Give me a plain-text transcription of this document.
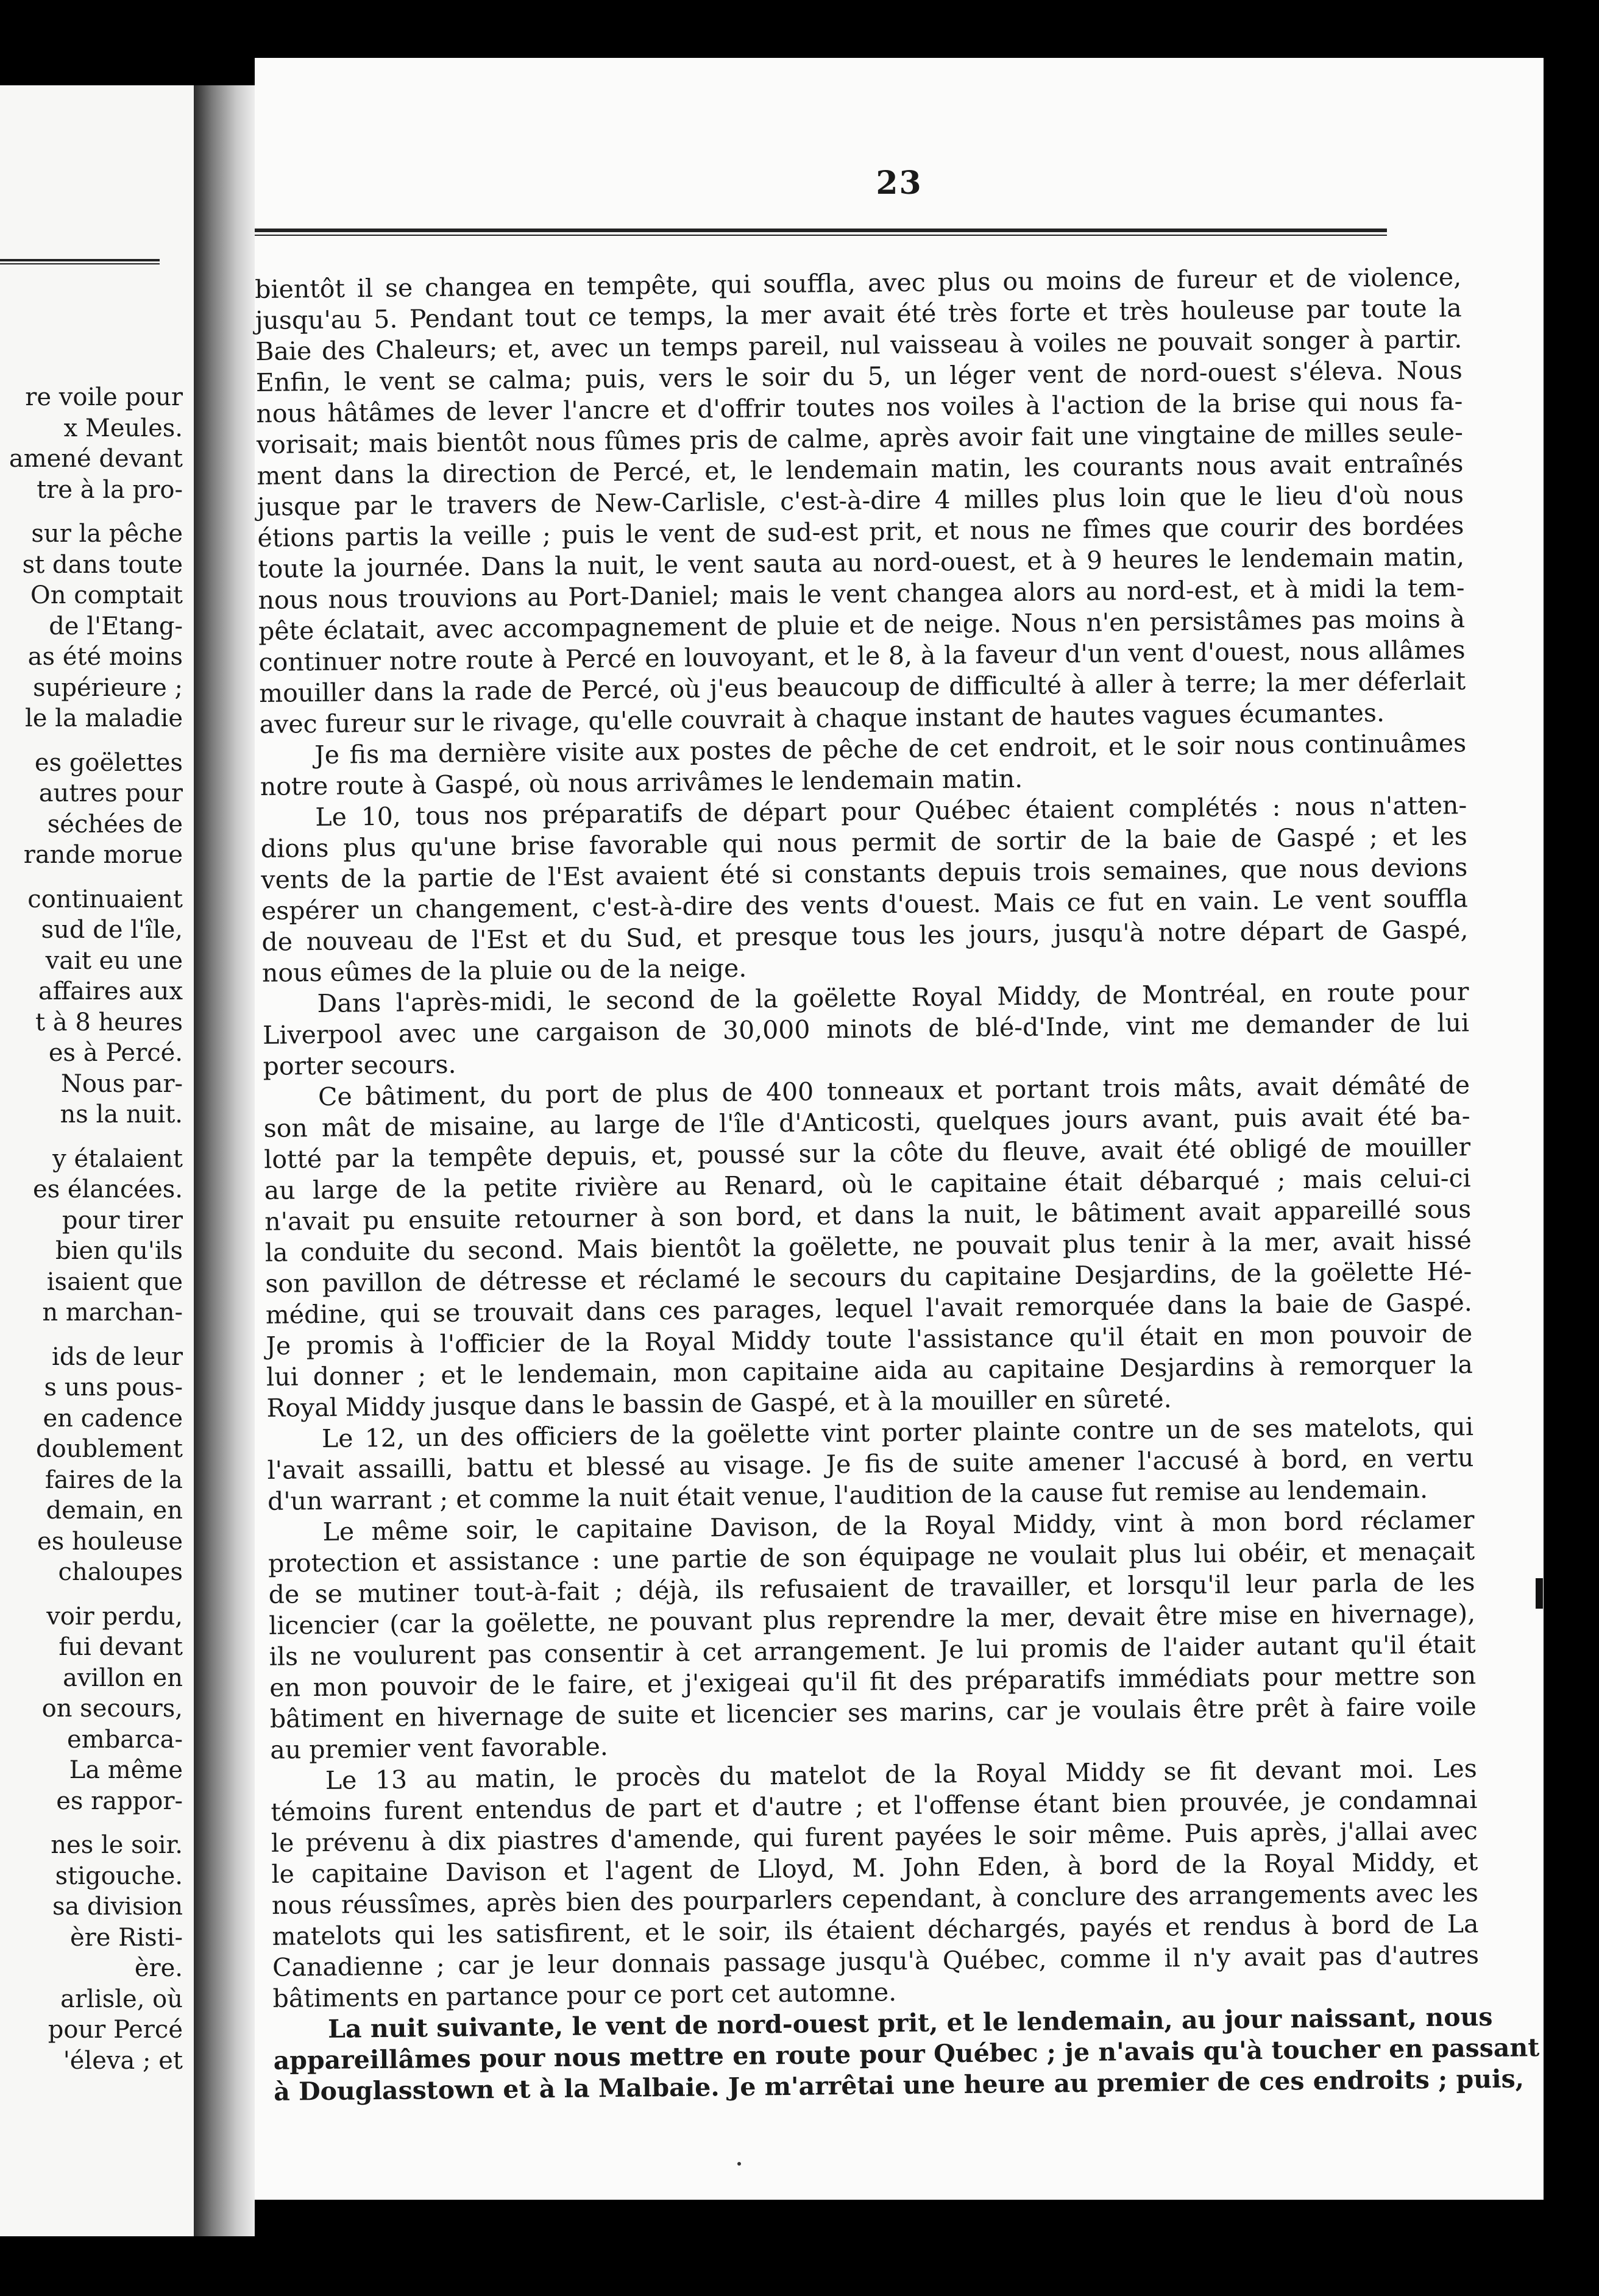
re voile pour
x Meules.
amené devant
tre à la pro-
sur la pêche
st dans toute
On comptait
de l'Etang-
as été moins
supérieure ;
le la maladie
es goëlettes
autres pour
séchées de
rande morue
continuaient
sud de l'île,
vait eu une
affaires aux
t à 8 heures
es à Percé.
Nous par-
ns la nuit.
y étalaient
es élancées.
pour tirer
bien qu'ils
isaient que
n marchan-
ids de leur
s uns pous-
en cadence
doublement
faires de la
demain, en
es houleuse
chaloupes
voir perdu,
fui devant
avillon en
on secours,
embarca-
La même
es rappor-
nes le soir.
stigouche.
sa division
ère Risti-
ère.
arlisle, où
pour Percé
'éleva ; et
23
bientôt il se changea en tempête, qui souffla, avec plus ou moins de fureur et de violence,
jusqu'au 5. Pendant tout ce temps, la mer avait été très forte et très houleuse par toute la
Baie des Chaleurs; et, avec un temps pareil, nul vaisseau à voiles ne pouvait songer à partir.
Enfin, le vent se calma; puis, vers le soir du 5, un léger vent de nord-ouest s'éleva. Nous
nous hâtâmes de lever l'ancre et d'offrir toutes nos voiles à l'action de la brise qui nous fa-
vorisait; mais bientôt nous fûmes pris de calme, après avoir fait une vingtaine de milles seule-
ment dans la direction de Percé, et, le lendemain matin, les courants nous avait entraînés
jusque par le travers de New-Carlisle, c'est-à-dire 4 milles plus loin que le lieu d'où nous
étions partis la veille ; puis le vent de sud-est prit, et nous ne fîmes que courir des bordées
toute la journée. Dans la nuit, le vent sauta au nord-ouest, et à 9 heures le lendemain matin,
nous nous trouvions au Port-Daniel; mais le vent changea alors au nord-est, et à midi la tem-
pête éclatait, avec accompagnement de pluie et de neige. Nous n'en persistâmes pas moins à
continuer notre route à Percé en louvoyant, et le 8, à la faveur d'un vent d'ouest, nous allâmes
mouiller dans la rade de Percé, où j'eus beaucoup de difficulté à aller à terre; la mer déferlait
avec fureur sur le rivage, qu'elle couvrait à chaque instant de hautes vagues écumantes.
Je fis ma dernière visite aux postes de pêche de cet endroit, et le soir nous continuâmes
notre route à Gaspé, où nous arrivâmes le lendemain matin.
Le 10, tous nos préparatifs de départ pour Québec étaient complétés : nous n'atten-
dions plus qu'une brise favorable qui nous permit de sortir de la baie de Gaspé ; et les
vents de la partie de l'Est avaient été si constants depuis trois semaines, que nous devions
espérer un changement, c'est-à-dire des vents d'ouest. Mais ce fut en vain. Le vent souffla
de nouveau de l'Est et du Sud, et presque tous les jours, jusqu'à notre départ de Gaspé,
nous eûmes de la pluie ou de la neige.
Dans l'après-midi, le second de la goëlette Royal Middy, de Montréal, en route pour
Liverpool avec une cargaison de 30,000 minots de blé-d'Inde, vint me demander de lui
porter secours.
Ce bâtiment, du port de plus de 400 tonneaux et portant trois mâts, avait démâté de
son mât de misaine, au large de l'île d'Anticosti, quelques jours avant, puis avait été ba-
lotté par la tempête depuis, et, poussé sur la côte du fleuve, avait été obligé de mouiller
au large de la petite rivière au Renard, où le capitaine était débarqué ; mais celui-ci
n'avait pu ensuite retourner à son bord, et dans la nuit, le bâtiment avait appareillé sous
la conduite du second. Mais bientôt la goëlette, ne pouvait plus tenir à la mer, avait hissé
son pavillon de détresse et réclamé le secours du capitaine Desjardins, de la goëlette Hé-
médine, qui se trouvait dans ces parages, lequel l'avait remorquée dans la baie de Gaspé.
Je promis à l'officier de la Royal Middy toute l'assistance qu'il était en mon pouvoir de
lui donner ; et le lendemain, mon capitaine aida au capitaine Desjardins à remorquer la
Royal Middy jusque dans le bassin de Gaspé, et à la mouiller en sûreté.
Le 12, un des officiers de la goëlette vint porter plainte contre un de ses matelots, qui
l'avait assailli, battu et blessé au visage. Je fis de suite amener l'accusé à bord, en vertu
d'un warrant ; et comme la nuit était venue, l'audition de la cause fut remise au lendemain.
Le même soir, le capitaine Davison, de la Royal Middy, vint à mon bord réclamer
protection et assistance : une partie de son équipage ne voulait plus lui obéir, et menaçait
de se mutiner tout-à-fait ; déjà, ils refusaient de travailler, et lorsqu'il leur parla de les
licencier (car la goëlette, ne pouvant plus reprendre la mer, devait être mise en hivernage),
ils ne voulurent pas consentir à cet arrangement. Je lui promis de l'aider autant qu'il était
en mon pouvoir de le faire, et j'exigeai qu'il fit des préparatifs immédiats pour mettre son
bâtiment en hivernage de suite et licencier ses marins, car je voulais être prêt à faire voile
au premier vent favorable.
Le 13 au matin, le procès du matelot de la Royal Middy se fit devant moi. Les
témoins furent entendus de part et d'autre ; et l'offense étant bien prouvée, je condamnai
le prévenu à dix piastres d'amende, qui furent payées le soir même. Puis après, j'allai avec
le capitaine Davison et l'agent de Lloyd, M. John Eden, à bord de la Royal Middy, et
nous réussîmes, après bien des pourparlers cependant, à conclure des arrangements avec les
matelots qui les satisfirent, et le soir, ils étaient déchargés, payés et rendus à bord de La
Canadienne ; car je leur donnais passage jusqu'à Québec, comme il n'y avait pas d'autres
bâtiments en partance pour ce port cet automne.
La nuit suivante, le vent de nord-ouest prit, et le lendemain, au jour naissant, nous
appareillâmes pour nous mettre en route pour Québec ; je n'avais qu'à toucher en passant
à Douglasstown et à la Malbaie. Je m'arrêtai une heure au premier de ces endroits ; puis,
